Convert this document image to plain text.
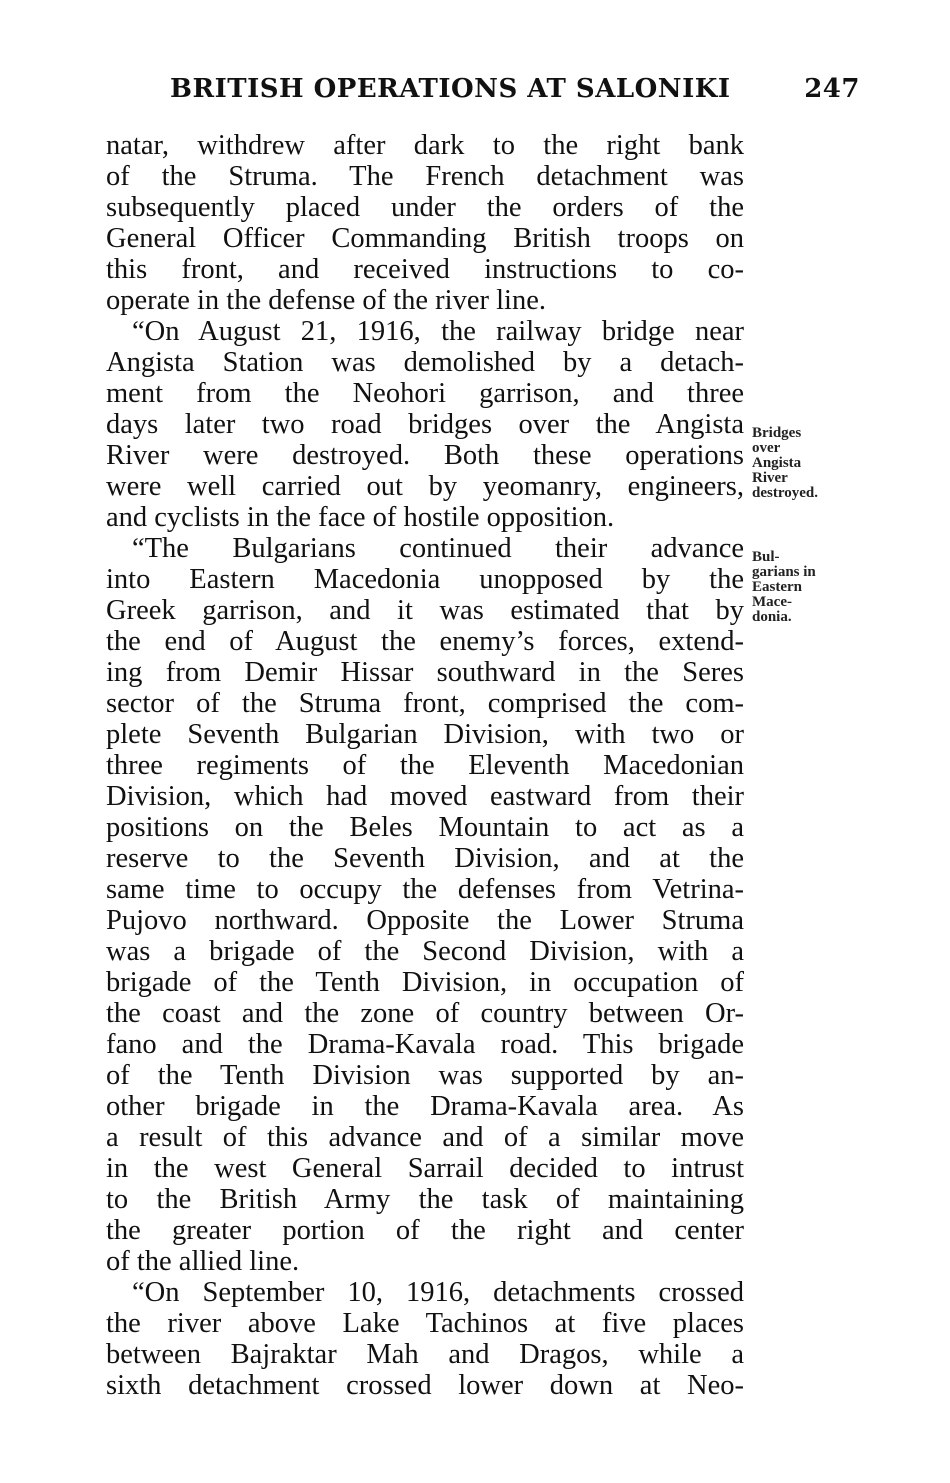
BRITISH OPERATIONS AT SALONIKI	247
natar, withdrew after dark to the right bank
of the Struma. The French detachment was
subsequently placed under the orders of the
General Officer Commanding British troops on
this front, and received instructions to co-
operate in the defense of the river line.
“On August 21, 1916, the railway bridge near
Angista Station was demolished by a detach-
ment from the Neohori garrison, and three
days later two road bridges over the Angista
River were destroyed. Both these operations
were well carried out by yeomanry, engineers,
and cyclists in the face of hostile opposition.
“The Bulgarians continued their advance
into Eastern Macedonia unopposed by the
Greek garrison, and it was estimated that by
the end of August the enemy’s forces, extend-
ing from Demir Hissar southward in the Seres
sector of the Struma front, comprised the com-
plete Seventh Bulgarian Division, with two or
three regiments of the Eleventh Macedonian
Division, which had moved eastward from their
positions on the Beles Mountain to act as a
reserve to the Seventh Division, and at the
same time to occupy the defenses from Vetrina-
Pujovo northward. Opposite the Lower Struma
was a brigade of the Second Division, with a
brigade of the Tenth Division, in occupation of
the coast and the zone of country between Or-
fano and the Drama-Kavala road. This brigade
of the Tenth Division was supported by an-
other brigade in the Drama-Kavala area. As
a result of this advance and of a similar move
in the west General Sarrail decided to intrust
to the British Army the task of maintaining
the greater portion of the right and center
of the allied line.
“On September 10, 1916, detachments crossed
the river above Lake Tachinos at five places
between Bajraktar Mah and Dragos, while a
sixth detachment crossed lower down at Neo-
Bridges
over
Angista
River
destroyed.
Bul-
garians in
Eastern
Mace-
donia.
